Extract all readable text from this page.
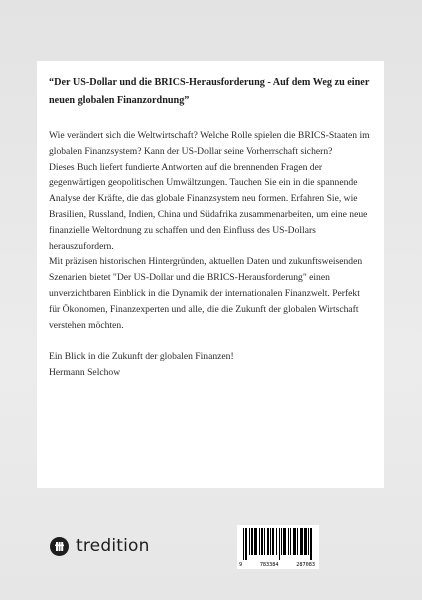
“Der US-Dollar und die BRICS-Herausforderung - Auf dem Weg zu einer neuen globalen Finanzordnung”

Wie verändert sich die Weltwirtschaft? Welche Rolle spielen die BRICS-Staaten im globalen Finanzsystem? Kann der US-Dollar seine Vorherrschaft sichern?

Dieses Buch liefert fundierte Antworten auf die brennenden Fragen der gegenwärtigen geopolitischen Umwältzungen. Tauchen Sie ein in die spannende Analyse der Kräfte, die das globale Finanzsystem neu formen. Erfahren Sie, wie Brasilien, Russland, Indien, China und Südafrika zusammenarbeiten, um eine neue finanzielle Weltordnung zu schaffen und den Einfluss des US-Dollars herauszufordern.

Mit präzisen historischen Hintergründen, aktuellen Daten und zukunftsweisenden Szenarien bietet "Der US-Dollar und die BRICS-Herausforderung" einen unverzichtbaren Einblick in die Dynamik der internationalen Finanzwelt. Perfekt für Ökonomen, Finanzexperten und alle, die die Zukunft der globalen Wirtschaft verstehen möchten.

Ein Blick in die Zukunft der globalen Finanzen!

Hermann Selchow

tredition
9	783384	287083
